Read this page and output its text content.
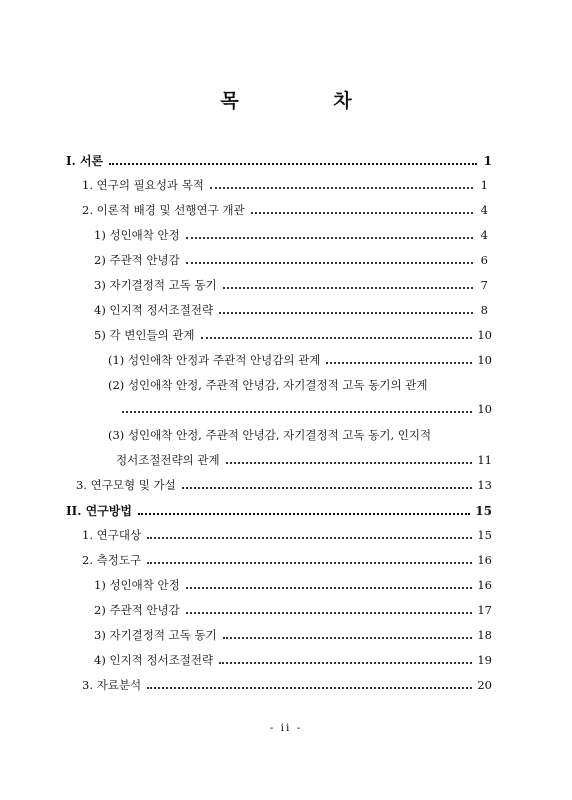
목 차
I. 서론	1
1. 연구의 필요성과 목적	1
2. 이론적 배경 및 선행연구 개관	4
1) 성인애착 안정	4
2) 주관적 안녕감	6
3) 자기결정적 고독 동기	7
4) 인지적 정서조절전략	8
5) 각 변인들의 관계	10
(1) 성인애착 안정과 주관적 안녕감의 관계	10
(2) 성인애착 안정, 주관적 안녕감, 자기결정적 고독 동기의 관계
10
(3) 성인애착 안정, 주관적 안녕감, 자기결정적 고독 동기, 인지적
정서조절전략의 관계	11
3. 연구모형 및 가설	13
II. 연구방법	15
1. 연구대상	15
2. 측정도구	16
1) 성인애착 안정	16
2) 주관적 안녕감	17
3) 자기결정적 고독 동기	18
4) 인지적 정서조절전략	19
3. 자료분석	20
- ii -
